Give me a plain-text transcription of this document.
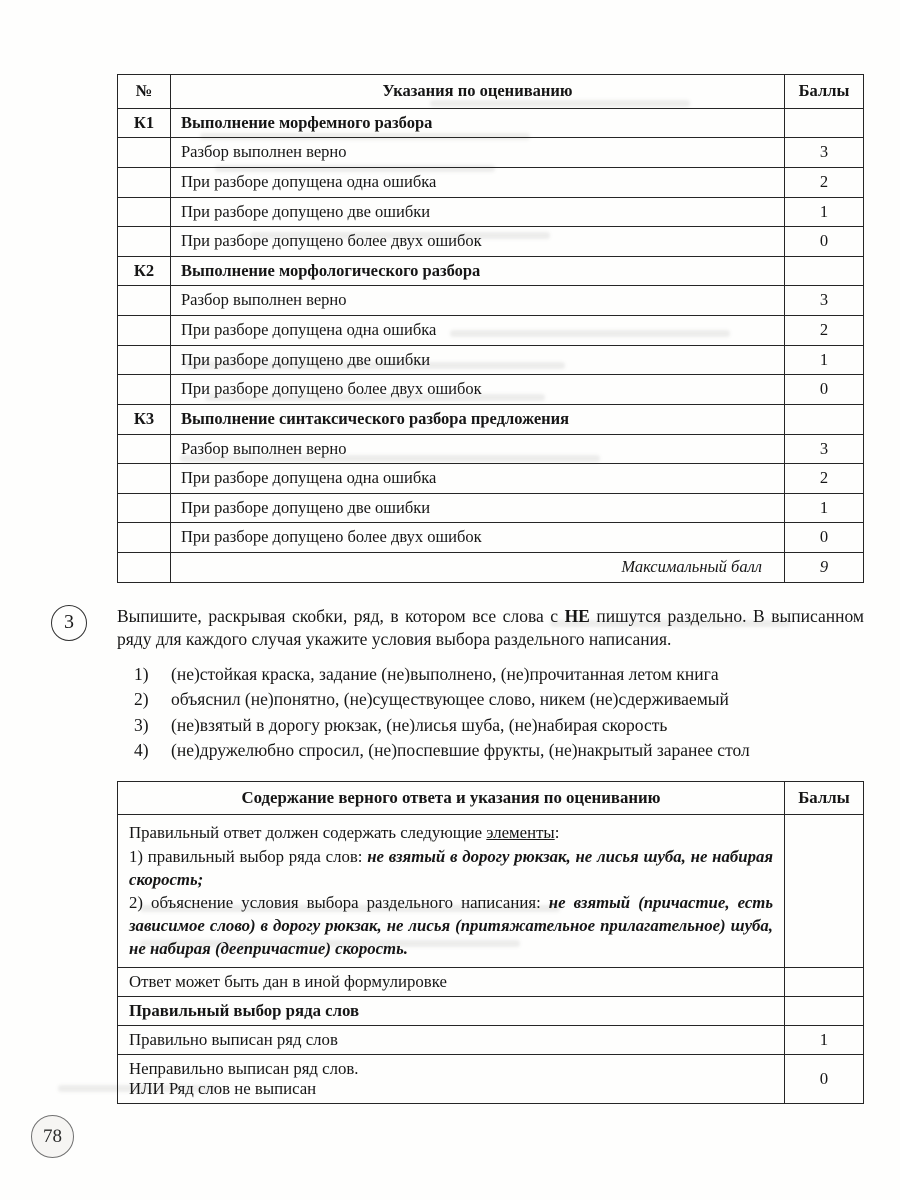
№	Указания по оцениванию	Баллы
К1	Выполнение морфемного разбора	
	Разбор выполнен верно	3
	При разборе допущена одна ошибка	2
	При разборе допущено две ошибки	1
	При разборе допущено более двух ошибок	0
К2	Выполнение морфологического разбора	
	Разбор выполнен верно	3
	При разборе допущена одна ошибка	2
	При разборе допущено две ошибки	1
	При разборе допущено более двух ошибок	0
К3	Выполнение синтаксического разбора предложения	
	Разбор выполнен верно	3
	При разборе допущена одна ошибка	2
	При разборе допущено две ошибки	1
	При разборе допущено более двух ошибок	0
	Максимальный балл	9
3 Выпишите, раскрывая скобки, ряд, в котором все слова с НЕ пишутся раздельно. В выписанном ряду для каждого случая укажите условия выбора раздельного написания.

1)	(не)стойкая краска, задание (не)выполнено, (не)прочитанная летом книга
2)	объяснил (не)понятно, (не)существующее слово, никем (не)сдерживаемый
3)	(не)взятый в дорогу рюкзак, (не)лисья шуба, (не)набирая скорость
4)	(не)дружелюбно спросил, (не)поспевшие фрукты, (не)накрытый заранее стол
Содержание верного ответа и указания по оцениванию	Баллы

Правильный ответ должен содержать следующие элементы:

1) правильный выбор ряда слов: не взятый в дорогу рюкзак, не лисья шуба, не набирая скорость;

2) объяснение условия выбора раздельного написания: не взятый (причастие, есть зависимое слово) в дорогу рюкзак, не лисья (притяжательное прилагательное) шуба, не набирая (деепричастие) скорость.	

Ответ может быть дан в иной формулировке	
Правильный выбор ряда слов	
Правильно выписан ряд слов	1
Неправильно выписан ряд слов.
ИЛИ Ряд слов не выписан	0
78
